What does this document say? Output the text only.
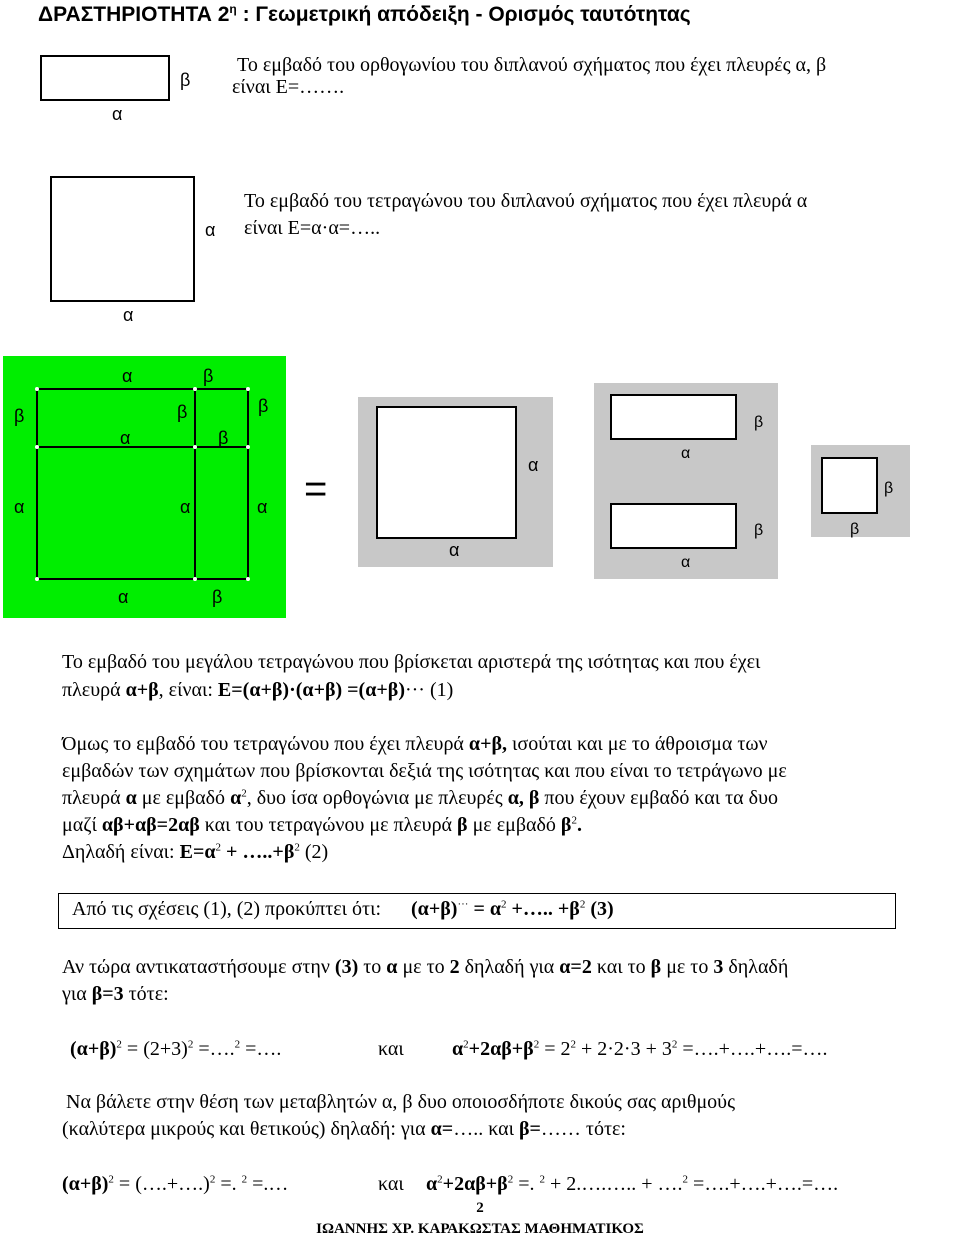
ΔΡΑΣΤΗΡΙΟΤΗΤΑ $2^\eta$ : Γεωμετρική απόδειξη - Ορισμός ταυτότητας
β
α
Το εμβαδό του ορθογωνίου του διπλανού σχήματος που έχει πλευρές α, β
είναι Ε=…….
α
α
Το εμβαδό του τετραγώνου του διπλανού σχήματος που έχει πλευρά α
είναι Ε=α·α=…..
α	β
β	β	β
α	β
α	α	α
α	β
=
α
α
β
α
β
α
β
β
Το εμβαδό του μεγάλου τετραγώνου που βρίσκεται αριστερά της ισότητας και που έχει
πλευρά α+β, είναι: Ε=(α+β)·(α+β) =(α+β)··· (1)
Όμως το εμβαδό του τετραγώνου που έχει πλευρά α+β, ισούται και με το άθροισμα των
εμβαδών των σχημάτων που βρίσκονται δεξιά της ισότητας και που είναι το τετράγωνο με
πλευρά α με εμβαδό $\alpha^2$, δυο ίσα ορθογώνια με πλευρές α, β που έχουν εμβαδό και τα δυο
μαζί αβ+αβ=2αβ και του τετραγώνου με πλευρά β με εμβαδό $\beta^2$.
Δηλαδή είναι: $E=\alpha^2$ + $\dots..+\beta^2$ (2)
Από τις σχέσεις (1), (2) προκύπτει ότι: $(\alpha+\beta)^{\cdot\cdot\cdot} = \alpha^2$ +….. $+\beta^2$ (3)
Αν τώρα αντικαταστήσουμε στην (3) το α με το 2 δηλαδή για α=2 και το β με το 3 δηλαδή
για β=3 τότε:
$(\alpha+\beta)^2 = (2+3)^2$ =….$^2$ =….	και $\alpha^2+2\alpha\beta+\beta^2 = 2^2 + 2\cdot 2\cdot 3 + 3^2$ =….+….+….=….
Να βάλετε στην θέση των μεταβλητών α, β δυο οποιοσδήποτε δικούς σας αριθμούς
(καλύτερα μικρούς και θετικούς) δηλαδή: για α=….. και β=…… τότε:
$(\alpha+\beta)^2$ = (….+….)$^2$ =. $^2$ =.…	και $\alpha^2+2\alpha\beta+\beta^2$ =. $^2$ + 2.….….. + ….$^2$ =….+….+….=….
2
ΙΩΑΝΝΗΣ ΧΡ. ΚΑΡΑΚΩΣΤΑΣ ΜΑΘΗΜΑΤΙΚΟΣ
